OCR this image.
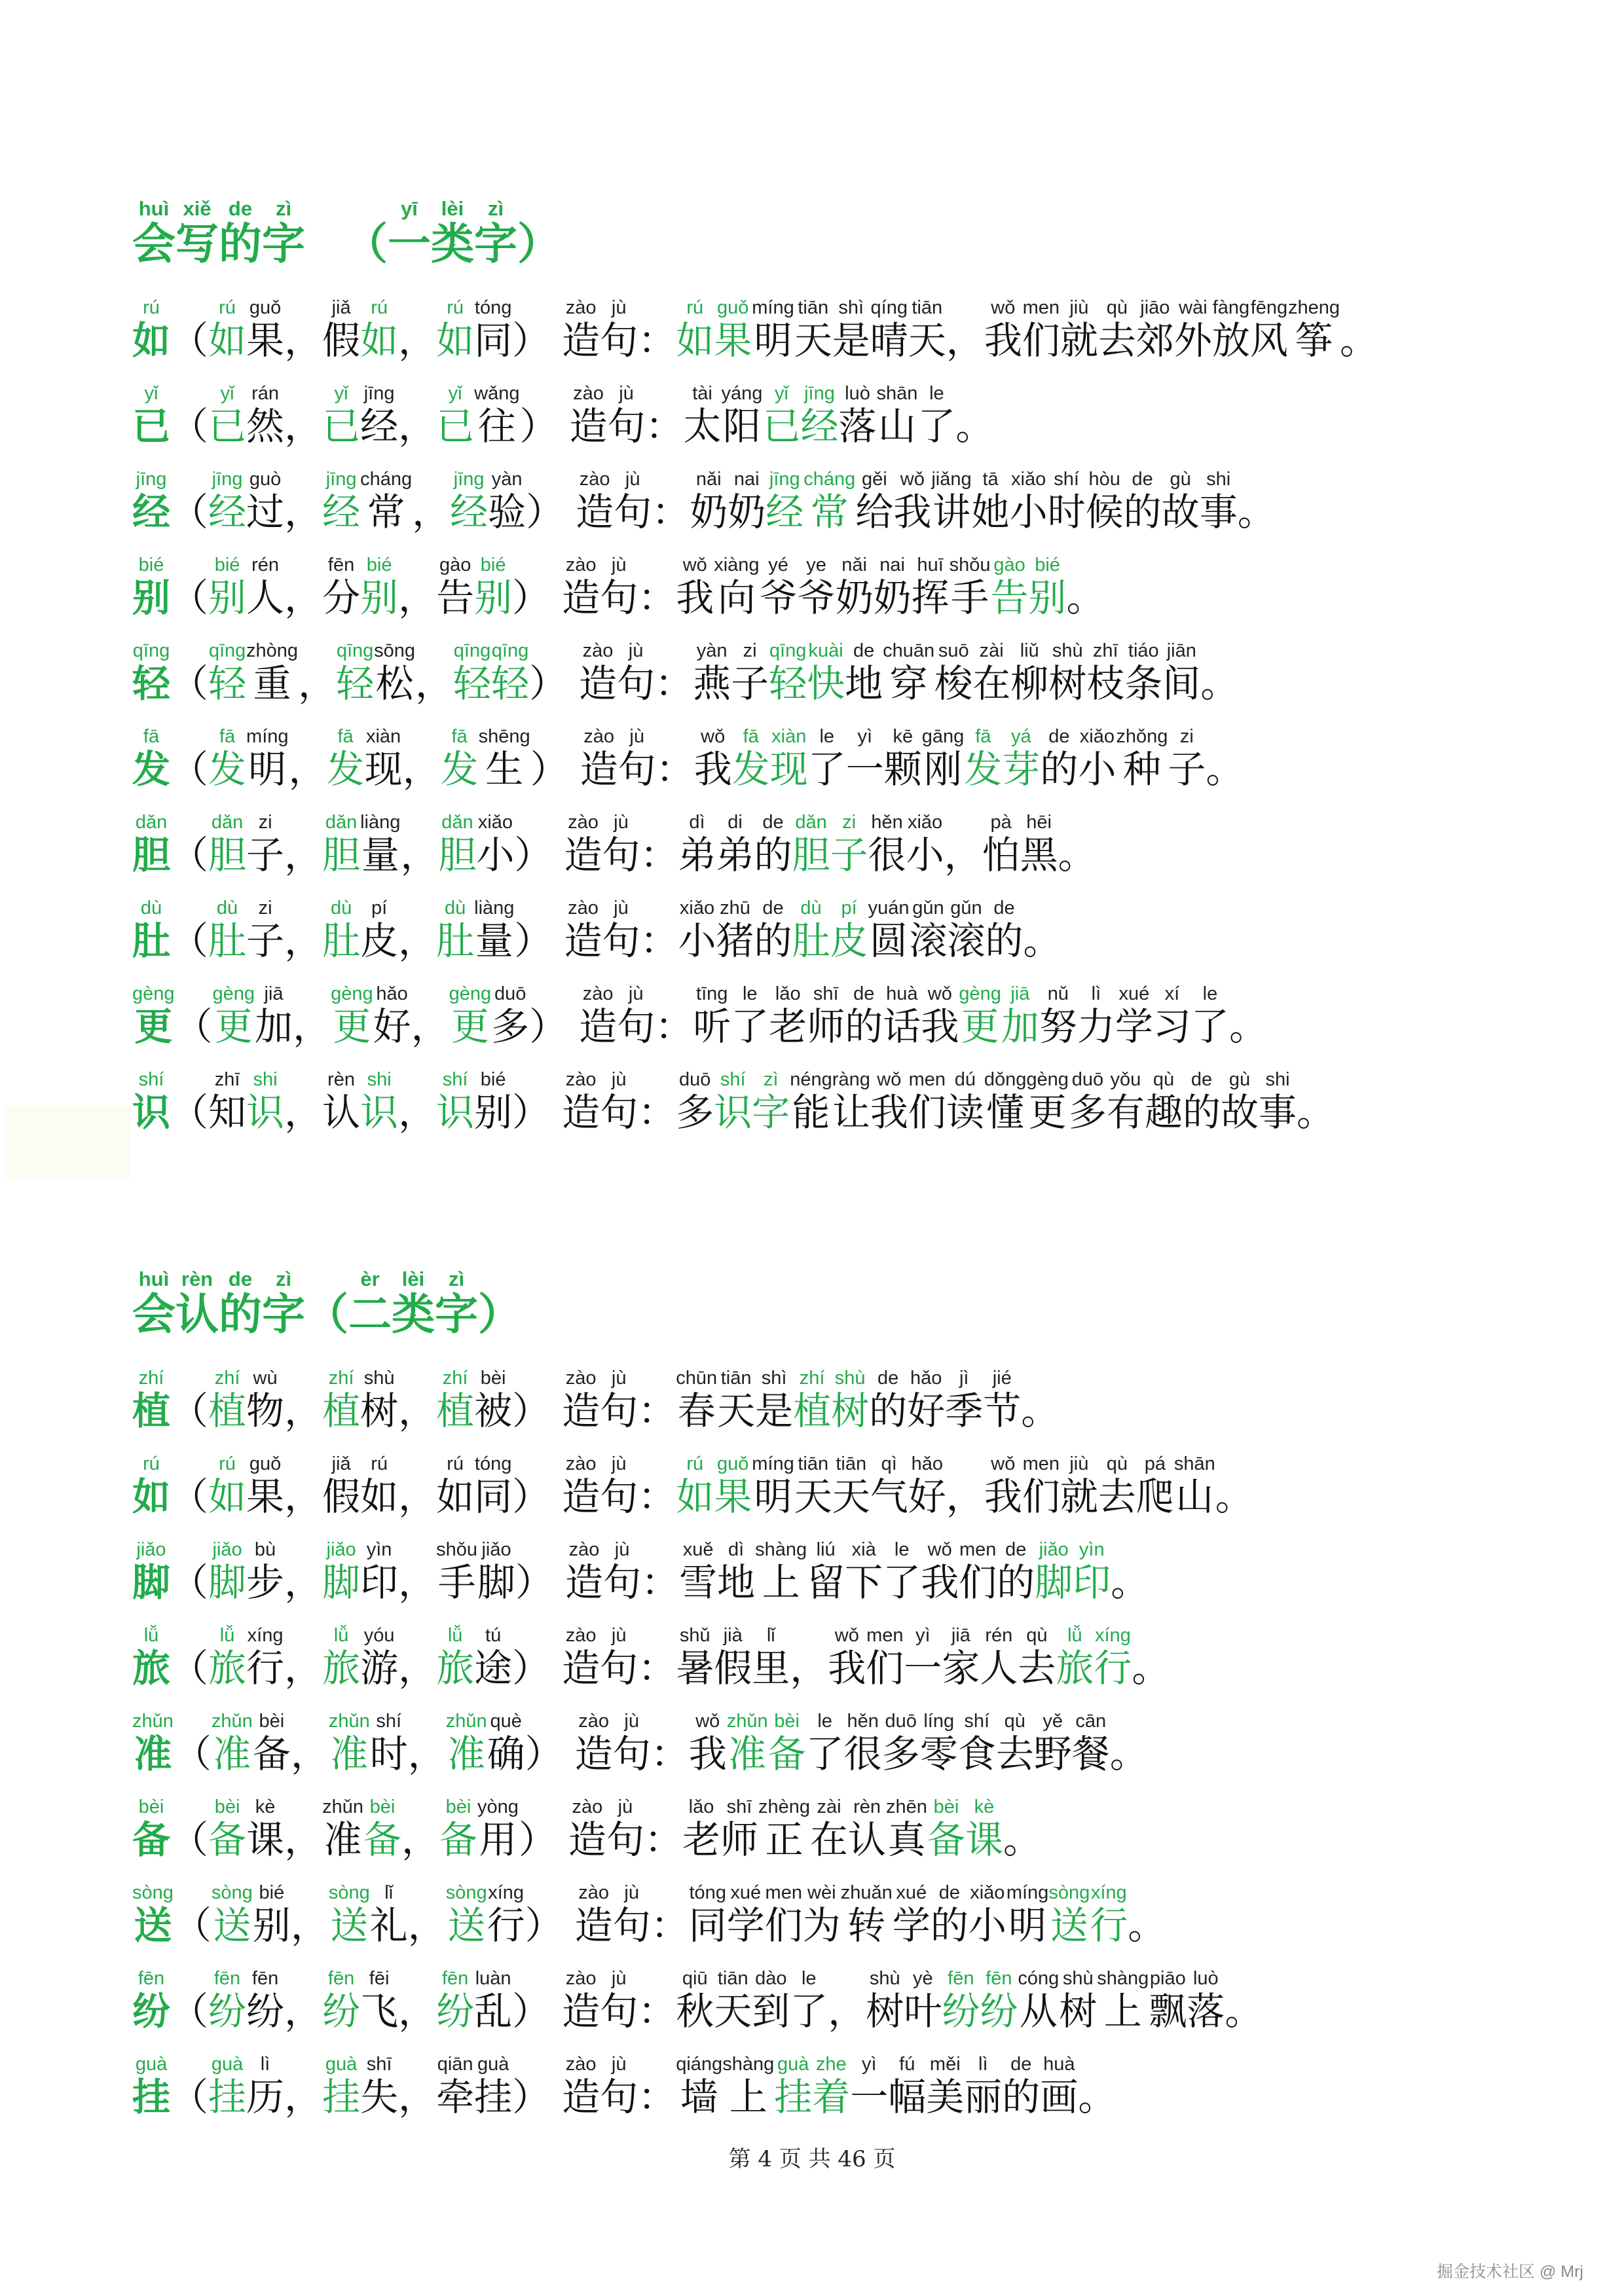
huì
会
xiě
写
de
的
zì
字 （
yī
一
lèi
类
zì
字 ）
rú
如 （
rú
如
guǒ
果 ，
jiǎ
假
rú
如 ，
rú
如
tóng
同 ）
zào
造
jù
句 ：
rú
如
guǒ
果
míng
明
tiān
天
shì
是
qíng
晴
tiān
天 ，
wǒ
我
men
们
jiù
就
qù
去
jiāo
郊
wài
外
fàng
放
fēng
风
zheng
筝 。
yǐ
已 （
yǐ
已
rán
然 ，
yǐ
已
jīng
经 ，
yǐ
已
wǎng
往 ）
zào
造
jù
句 ：
tài
太
yáng
阳
yǐ
已
jīng
经
luò
落
shān
山
le
了 。
jīng
经 （
jīng
经
guò
过 ，
jīng
经
cháng
常 ，
jīng
经
yàn
验 ）
zào
造
jù
句 ：
nǎi
奶
nai
奶
jīng
经
cháng
常
gěi
给
wǒ
我
jiǎng
讲
tā
她
xiǎo
小
shí
时
hòu
候
de
的
gù
故
shi
事 。
bié
别 （
bié
别
rén
人 ，
fēn
分
bié
别 ，
gào
告
bié
别 ）
zào
造
jù
句 ：
wǒ
我
xiàng
向
yé
爷
ye
爷
nǎi
奶
nai
奶
huī
挥
shǒu
手
gào
告
bié
别 。
qīng
轻 （
qīng
轻
zhòng
重 ，
qīng
轻
sōng
松 ，
qīng
轻
qīng
轻 ）
zào
造
jù
句 ：
yàn
燕
zi
子
qīng
轻
kuài
快
de
地
chuān
穿
suō
梭
zài
在
liǔ
柳
shù
树
zhī
枝
tiáo
条
jiān
间 。
fā
发 （
fā
发
míng
明 ，
fā
发
xiàn
现 ，
fā
发
shēng
生 ）
zào
造
jù
句 ：
wǒ
我
fā
发
xiàn
现
le
了
yì
一
kē
颗
gāng
刚
fā
发
yá
芽
de
的
xiǎo
小
zhǒng
种
zi
子 。
dǎn
胆 （
dǎn
胆
zi
子 ，
dǎn
胆
liàng
量 ，
dǎn
胆
xiǎo
小 ）
zào
造
jù
句 ：
dì
弟
di
弟
de
的
dǎn
胆
zi
子
hěn
很
xiǎo
小 ，
pà
怕
hēi
黑 。
dù
肚 （
dù
肚
zi
子 ，
dù
肚
pí
皮 ，
dù
肚
liàng
量 ）
zào
造
jù
句 ：
xiǎo
小
zhū
猪
de
的
dù
肚
pí
皮
yuán
圆
gǔn
滚
gǔn
滚
de
的 。
gèng
更 （
gèng
更
jiā
加 ，
gèng
更
hǎo
好 ，
gèng
更
duō
多 ）
zào
造
jù
句 ：
tīng
听
le
了
lǎo
老
shī
师
de
的
huà
话
wǒ
我
gèng
更
jiā
加
nǔ
努
lì
力
xué
学
xí
习
le
了 。
shí
识 （
zhī
知
shi
识 ，
rèn
认
shi
识 ，
shí
识
bié
别 ）
zào
造
jù
句 ：
duō
多
shí
识
zì
字
néng
能
ràng
让
wǒ
我
men
们
dú
读
dǒng
懂
gèng
更
duō
多
yǒu
有
qù
趣
de
的
gù
故
shi
事 。
huì
会
rèn
认
de
的
zì
字 （
èr
二
lèi
类
zì
字 ）
zhí
植 （
zhí
植
wù
物 ，
zhí
植
shù
树 ，
zhí
植
bèi
被 ）
zào
造
jù
句 ：
chūn
春
tiān
天
shì
是
zhí
植
shù
树
de
的
hǎo
好
jì
季
jié
节 。
rú
如 （
rú
如
guǒ
果 ，
jiǎ
假
rú
如 ，
rú
如
tóng
同 ）
zào
造
jù
句 ：
rú
如
guǒ
果
míng
明
tiān
天
tiān
天
qì
气
hǎo
好 ，
wǒ
我
men
们
jiù
就
qù
去
pá
爬
shān
山 。
jiǎo
脚 （
jiǎo
脚
bù
步 ，
jiǎo
脚
yìn
印 ，
shǒu
手
jiǎo
脚 ）
zào
造
jù
句 ：
xuě
雪
dì
地
shàng
上
liú
留
xià
下
le
了
wǒ
我
men
们
de
的
jiǎo
脚
yìn
印 。
lǚ
旅 （
lǚ
旅
xíng
行 ，
lǚ
旅
yóu
游 ，
lǚ
旅
tú
途 ）
zào
造
jù
句 ：
shǔ
暑
jià
假
lǐ
里 ，
wǒ
我
men
们
yì
一
jiā
家
rén
人
qù
去
lǚ
旅
xíng
行 。
zhǔn
准 （
zhǔn
准
bèi
备 ，
zhǔn
准
shí
时 ，
zhǔn
准
què
确 ）
zào
造
jù
句 ：
wǒ
我
zhǔn
准
bèi
备
le
了
hěn
很
duō
多
líng
零
shí
食
qù
去
yě
野
cān
餐 。
bèi
备 （
bèi
备
kè
课 ，
zhǔn
准
bèi
备 ，
bèi
备
yòng
用 ）
zào
造
jù
句 ：
lǎo
老
shī
师
zhèng
正
zài
在
rèn
认
zhēn
真
bèi
备
kè
课 。
sòng
送 （
sòng
送
bié
别 ，
sòng
送
lǐ
礼 ，
sòng
送
xíng
行 ）
zào
造
jù
句 ：
tóng
同
xué
学
men
们
wèi
为
zhuǎn
转
xué
学
de
的
xiǎo
小
míng
明
sòng
送
xíng
行 。
fēn
纷 （
fēn
纷
fēn
纷 ，
fēn
纷
fēi
飞 ，
fēn
纷
luàn
乱 ）
zào
造
jù
句 ：
qiū
秋
tiān
天
dào
到
le
了 ，
shù
树
yè
叶
fēn
纷
fēn
纷
cóng
从
shù
树
shàng
上
piāo
飘
luò
落 。
guà
挂 （
guà
挂
lì
历 ，
guà
挂
shī
失 ，
qiān
牵
guà
挂 ）
zào
造
jù
句 ：
qiáng
墙
shàng
上
guà
挂
zhe
着
yì
一
fú
幅
měi
美
lì
丽
de
的
huà
画 。
第 4 页 共 46 页
掘金技术社区 @ Mrj
